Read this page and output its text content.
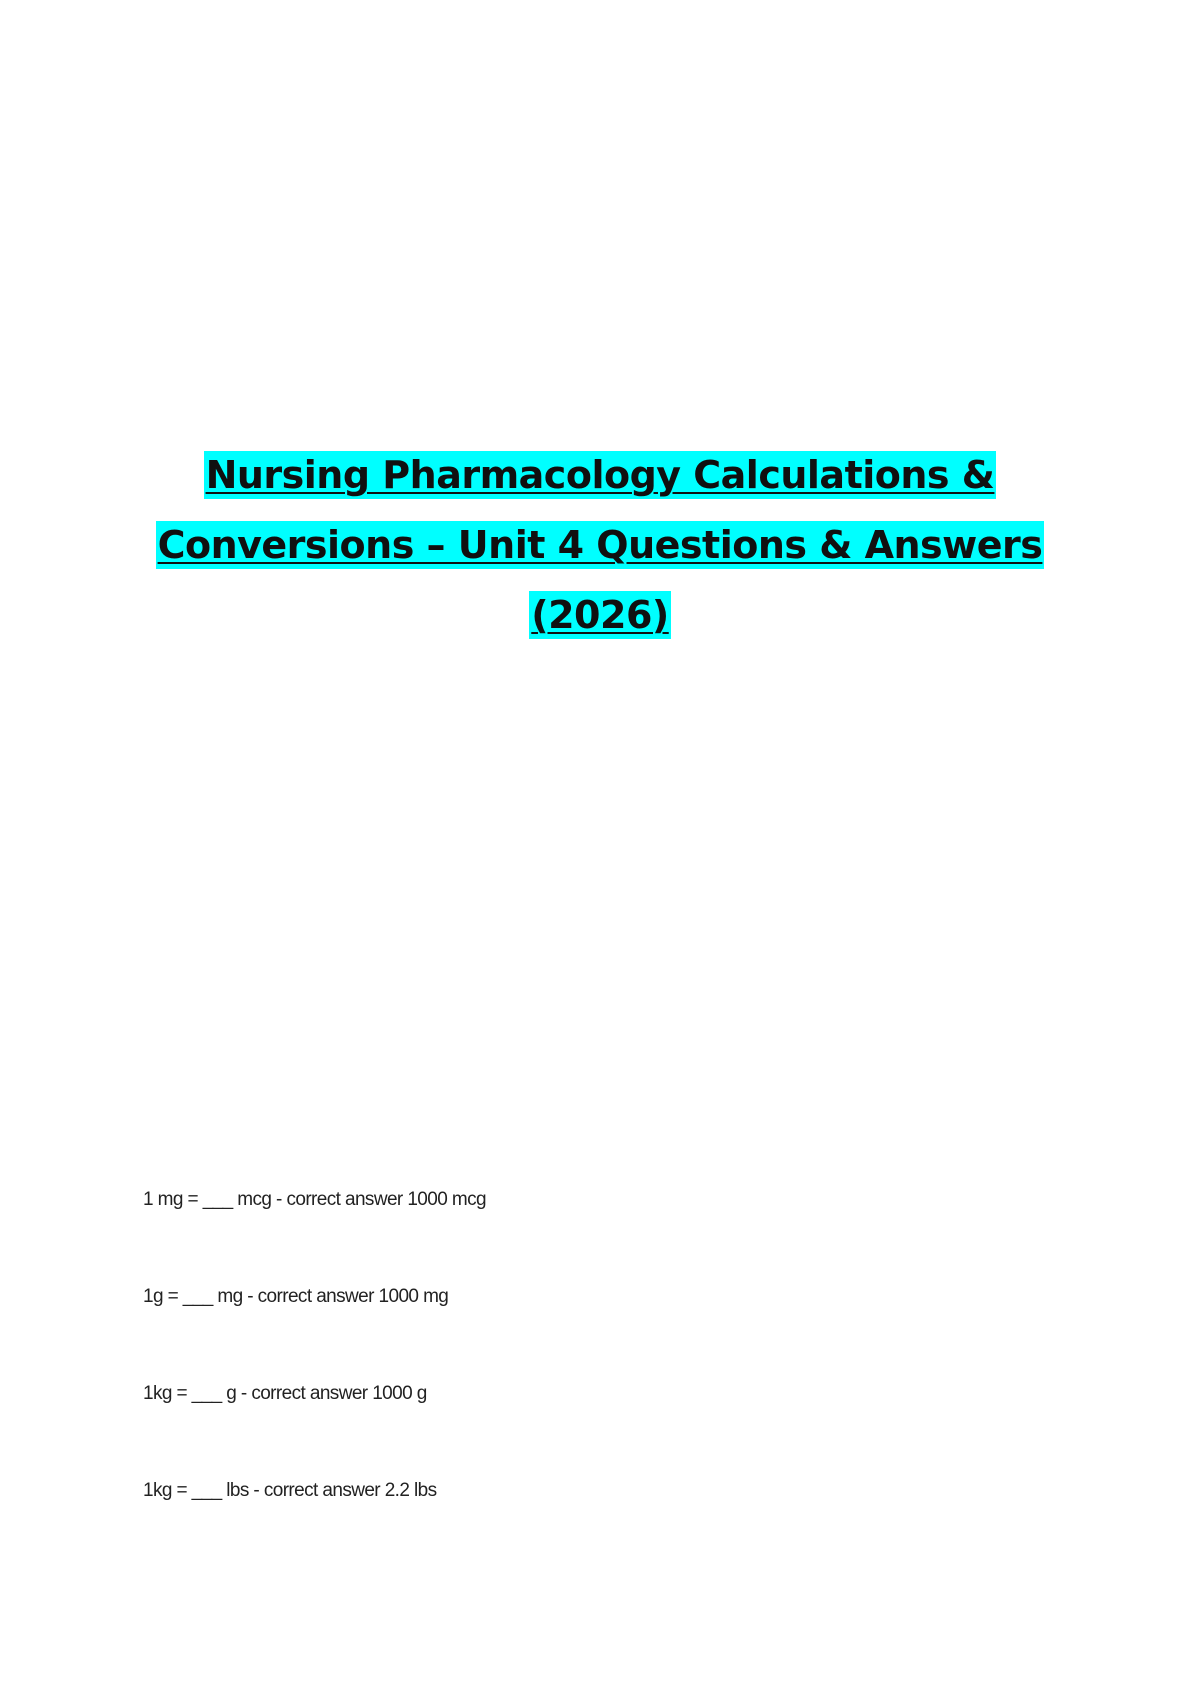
Nursing Pharmacology Calculations &

Conversions – Unit 4 Questions & Answers

(2026)

1 mg = ___ mcg - correct answer 1000 mcg
1g = ___ mg - correct answer 1000 mg
1kg = ___ g - correct answer 1000 g
1kg = ___ lbs - correct answer 2.2 lbs
